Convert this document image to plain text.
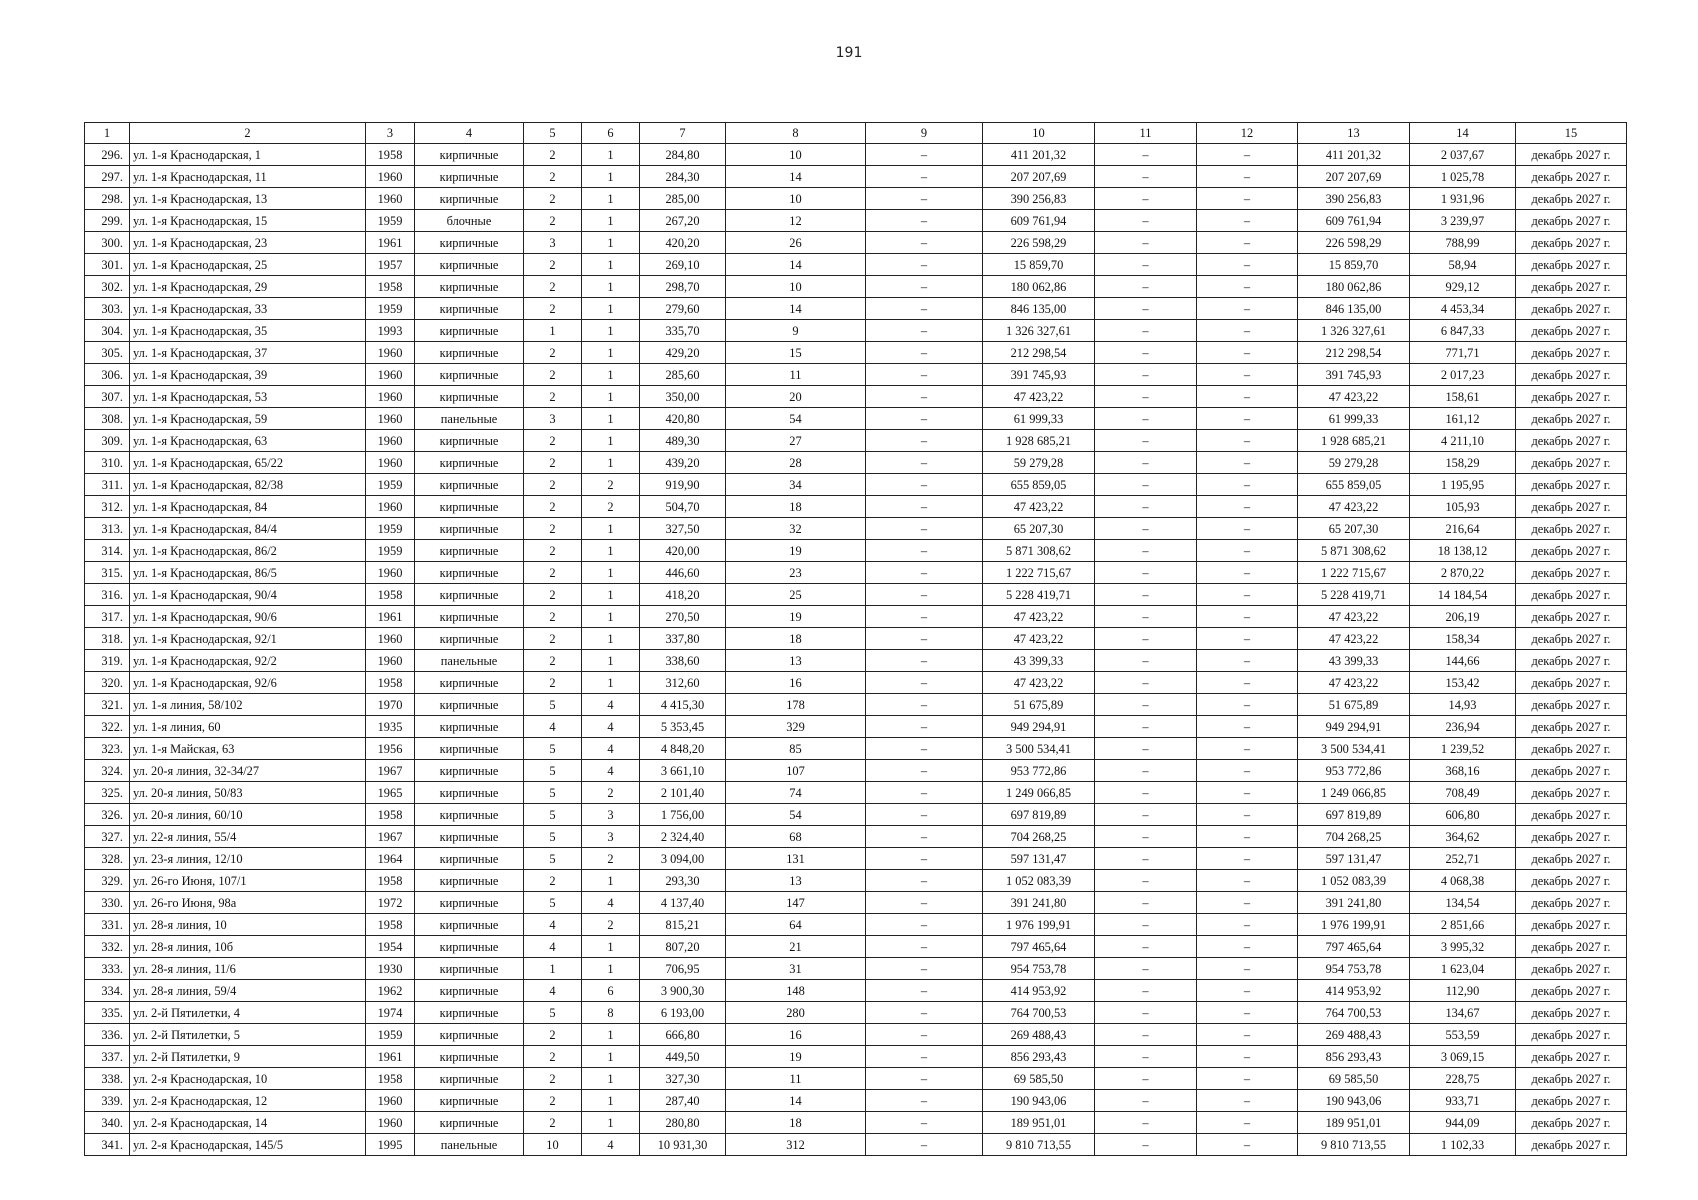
191
1	2	3	4	5	6	7	8	9	10	11	12	13	14	15
296.	ул. 1-я Краснодарская, 1	1958	кирпичные	2	1	284,80	10	–	411 201,32	–	–	411 201,32	2 037,67	декабрь 2027 г.
297.	ул. 1-я Краснодарская, 11	1960	кирпичные	2	1	284,30	14	–	207 207,69	–	–	207 207,69	1 025,78	декабрь 2027 г.
298.	ул. 1-я Краснодарская, 13	1960	кирпичные	2	1	285,00	10	–	390 256,83	–	–	390 256,83	1 931,96	декабрь 2027 г.
299.	ул. 1-я Краснодарская, 15	1959	блочные	2	1	267,20	12	–	609 761,94	–	–	609 761,94	3 239,97	декабрь 2027 г.
300.	ул. 1-я Краснодарская, 23	1961	кирпичные	3	1	420,20	26	–	226 598,29	–	–	226 598,29	788,99	декабрь 2027 г.
301.	ул. 1-я Краснодарская, 25	1957	кирпичные	2	1	269,10	14	–	15 859,70	–	–	15 859,70	58,94	декабрь 2027 г.
302.	ул. 1-я Краснодарская, 29	1958	кирпичные	2	1	298,70	10	–	180 062,86	–	–	180 062,86	929,12	декабрь 2027 г.
303.	ул. 1-я Краснодарская, 33	1959	кирпичные	2	1	279,60	14	–	846 135,00	–	–	846 135,00	4 453,34	декабрь 2027 г.
304.	ул. 1-я Краснодарская, 35	1993	кирпичные	1	1	335,70	9	–	1 326 327,61	–	–	1 326 327,61	6 847,33	декабрь 2027 г.
305.	ул. 1-я Краснодарская, 37	1960	кирпичные	2	1	429,20	15	–	212 298,54	–	–	212 298,54	771,71	декабрь 2027 г.
306.	ул. 1-я Краснодарская, 39	1960	кирпичные	2	1	285,60	11	–	391 745,93	–	–	391 745,93	2 017,23	декабрь 2027 г.
307.	ул. 1-я Краснодарская, 53	1960	кирпичные	2	1	350,00	20	–	47 423,22	–	–	47 423,22	158,61	декабрь 2027 г.
308.	ул. 1-я Краснодарская, 59	1960	панельные	3	1	420,80	54	–	61 999,33	–	–	61 999,33	161,12	декабрь 2027 г.
309.	ул. 1-я Краснодарская, 63	1960	кирпичные	2	1	489,30	27	–	1 928 685,21	–	–	1 928 685,21	4 211,10	декабрь 2027 г.
310.	ул. 1-я Краснодарская, 65/22	1960	кирпичные	2	1	439,20	28	–	59 279,28	–	–	59 279,28	158,29	декабрь 2027 г.
311.	ул. 1-я Краснодарская, 82/38	1959	кирпичные	2	2	919,90	34	–	655 859,05	–	–	655 859,05	1 195,95	декабрь 2027 г.
312.	ул. 1-я Краснодарская, 84	1960	кирпичные	2	2	504,70	18	–	47 423,22	–	–	47 423,22	105,93	декабрь 2027 г.
313.	ул. 1-я Краснодарская, 84/4	1959	кирпичные	2	1	327,50	32	–	65 207,30	–	–	65 207,30	216,64	декабрь 2027 г.
314.	ул. 1-я Краснодарская, 86/2	1959	кирпичные	2	1	420,00	19	–	5 871 308,62	–	–	5 871 308,62	18 138,12	декабрь 2027 г.
315.	ул. 1-я Краснодарская, 86/5	1960	кирпичные	2	1	446,60	23	–	1 222 715,67	–	–	1 222 715,67	2 870,22	декабрь 2027 г.
316.	ул. 1-я Краснодарская, 90/4	1958	кирпичные	2	1	418,20	25	–	5 228 419,71	–	–	5 228 419,71	14 184,54	декабрь 2027 г.
317.	ул. 1-я Краснодарская, 90/6	1961	кирпичные	2	1	270,50	19	–	47 423,22	–	–	47 423,22	206,19	декабрь 2027 г.
318.	ул. 1-я Краснодарская, 92/1	1960	кирпичные	2	1	337,80	18	–	47 423,22	–	–	47 423,22	158,34	декабрь 2027 г.
319.	ул. 1-я Краснодарская, 92/2	1960	панельные	2	1	338,60	13	–	43 399,33	–	–	43 399,33	144,66	декабрь 2027 г.
320.	ул. 1-я Краснодарская, 92/6	1958	кирпичные	2	1	312,60	16	–	47 423,22	–	–	47 423,22	153,42	декабрь 2027 г.
321.	ул. 1-я линия, 58/102	1970	кирпичные	5	4	4 415,30	178	–	51 675,89	–	–	51 675,89	14,93	декабрь 2027 г.
322.	ул. 1-я линия, 60	1935	кирпичные	4	4	5 353,45	329	–	949 294,91	–	–	949 294,91	236,94	декабрь 2027 г.
323.	ул. 1-я Майская, 63	1956	кирпичные	5	4	4 848,20	85	–	3 500 534,41	–	–	3 500 534,41	1 239,52	декабрь 2027 г.
324.	ул. 20-я линия, 32-34/27	1967	кирпичные	5	4	3 661,10	107	–	953 772,86	–	–	953 772,86	368,16	декабрь 2027 г.
325.	ул. 20-я линия, 50/83	1965	кирпичные	5	2	2 101,40	74	–	1 249 066,85	–	–	1 249 066,85	708,49	декабрь 2027 г.
326.	ул. 20-я линия, 60/10	1958	кирпичные	5	3	1 756,00	54	–	697 819,89	–	–	697 819,89	606,80	декабрь 2027 г.
327.	ул. 22-я линия, 55/4	1967	кирпичные	5	3	2 324,40	68	–	704 268,25	–	–	704 268,25	364,62	декабрь 2027 г.
328.	ул. 23-я линия, 12/10	1964	кирпичные	5	2	3 094,00	131	–	597 131,47	–	–	597 131,47	252,71	декабрь 2027 г.
329.	ул. 26-го Июня, 107/1	1958	кирпичные	2	1	293,30	13	–	1 052 083,39	–	–	1 052 083,39	4 068,38	декабрь 2027 г.
330.	ул. 26-го Июня, 98а	1972	кирпичные	5	4	4 137,40	147	–	391 241,80	–	–	391 241,80	134,54	декабрь 2027 г.
331.	ул. 28-я линия, 10	1958	кирпичные	4	2	815,21	64	–	1 976 199,91	–	–	1 976 199,91	2 851,66	декабрь 2027 г.
332.	ул. 28-я линия, 10б	1954	кирпичные	4	1	807,20	21	–	797 465,64	–	–	797 465,64	3 995,32	декабрь 2027 г.
333.	ул. 28-я линия, 11/6	1930	кирпичные	1	1	706,95	31	–	954 753,78	–	–	954 753,78	1 623,04	декабрь 2027 г.
334.	ул. 28-я линия, 59/4	1962	кирпичные	4	6	3 900,30	148	–	414 953,92	–	–	414 953,92	112,90	декабрь 2027 г.
335.	ул. 2-й Пятилетки, 4	1974	кирпичные	5	8	6 193,00	280	–	764 700,53	–	–	764 700,53	134,67	декабрь 2027 г.
336.	ул. 2-й Пятилетки, 5	1959	кирпичные	2	1	666,80	16	–	269 488,43	–	–	269 488,43	553,59	декабрь 2027 г.
337.	ул. 2-й Пятилетки, 9	1961	кирпичные	2	1	449,50	19	–	856 293,43	–	–	856 293,43	3 069,15	декабрь 2027 г.
338.	ул. 2-я Краснодарская, 10	1958	кирпичные	2	1	327,30	11	–	69 585,50	–	–	69 585,50	228,75	декабрь 2027 г.
339.	ул. 2-я Краснодарская, 12	1960	кирпичные	2	1	287,40	14	–	190 943,06	–	–	190 943,06	933,71	декабрь 2027 г.
340.	ул. 2-я Краснодарская, 14	1960	кирпичные	2	1	280,80	18	–	189 951,01	–	–	189 951,01	944,09	декабрь 2027 г.
341.	ул. 2-я Краснодарская, 145/5	1995	панельные	10	4	10 931,30	312	–	9 810 713,55	–	–	9 810 713,55	1 102,33	декабрь 2027 г.
